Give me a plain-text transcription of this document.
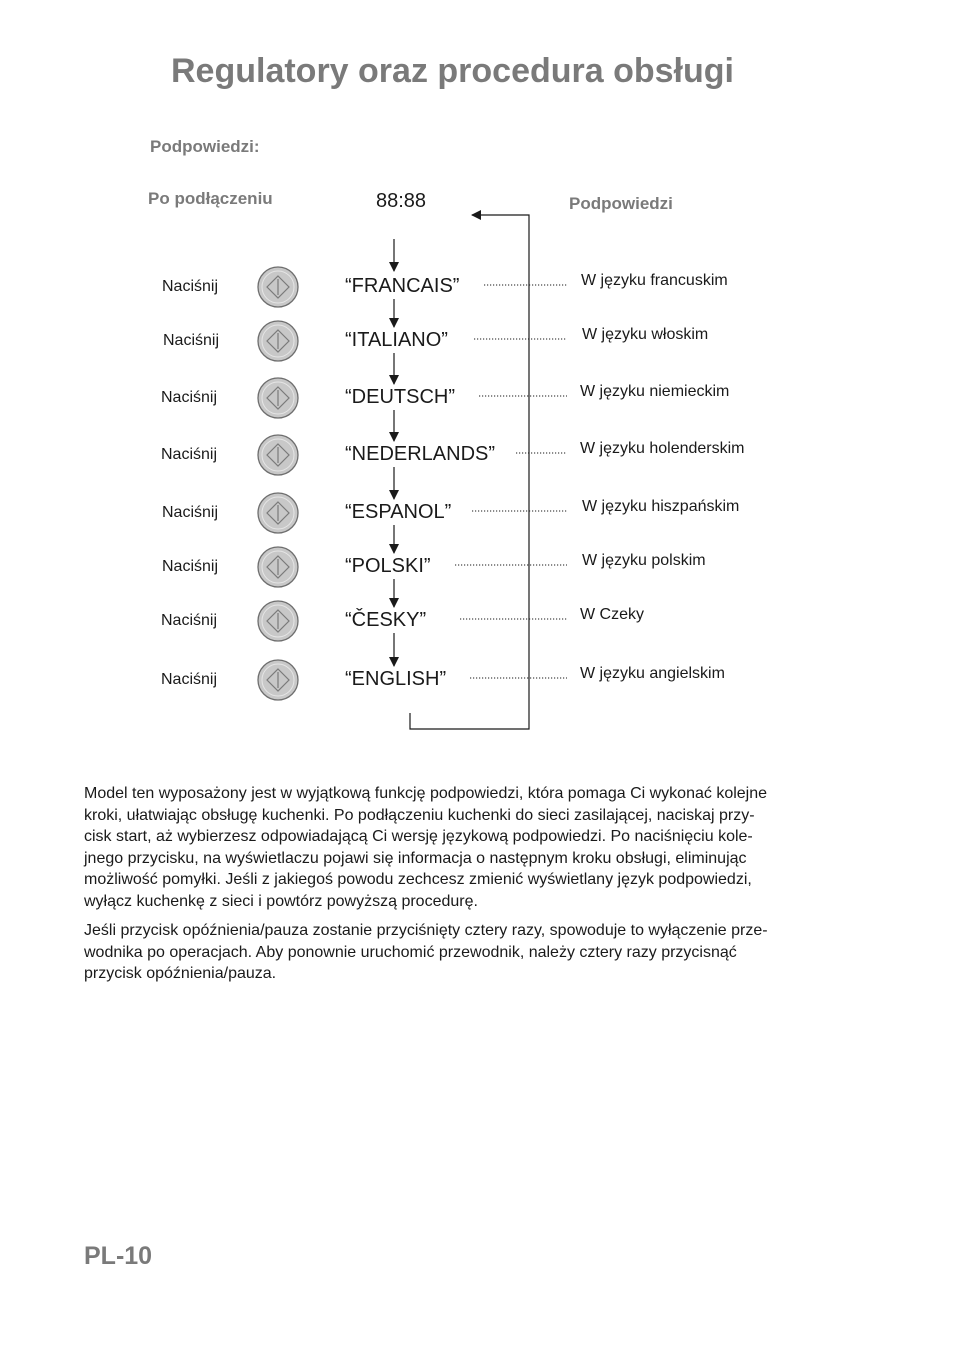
Regulatory oraz procedura obsługi
Podpowiedzi:
Po podłączeniu	88:88	Podpowiedzi
Naciśnij	“FRANCAIS”	W języku francuskim
Naciśnij	“ITALIANO”	W języku włoskim
Naciśnij	“DEUTSCH”	W języku niemieckim
Naciśnij	“NEDERLANDS”	W języku holenderskim
Naciśnij	“ESPANOL”	W języku hiszpańskim
Naciśnij	“POLSKI”	W języku polskim
Naciśnij	“ČESKY”	W Czeky
Naciśnij	“ENGLISH”	W języku angielskim
Model ten wyposażony jest w wyjątkową funkcję podpowiedzi, która pomaga Ci wykonać kolejne
kroki, ułatwiając obsługę kuchenki. Po podłączeniu kuchenki do sieci zasilającej, naciskaj przy-
cisk start, aż wybierzesz odpowiadającą Ci wersję językową podpowiedzi. Po naciśnięciu kole-
jnego przycisku, na wyświetlaczu pojawi się informacja o następnym kroku obsługi, eliminując
możliwość pomyłki. Jeśli z jakiegoś powodu zechcesz zmienić wyświetlany język podpowiedzi,
wyłącz kuchenkę z sieci i powtórz powyższą procedurę.
Jeśli przycisk opóźnienia/pauza zostanie przyciśnięty cztery razy, spowoduje to wyłączenie prze-
wodnika po operacjach. Aby ponownie uruchomić przewodnik, należy cztery razy przycisnąć
przycisk opóźnienia/pauza.
PL-10
